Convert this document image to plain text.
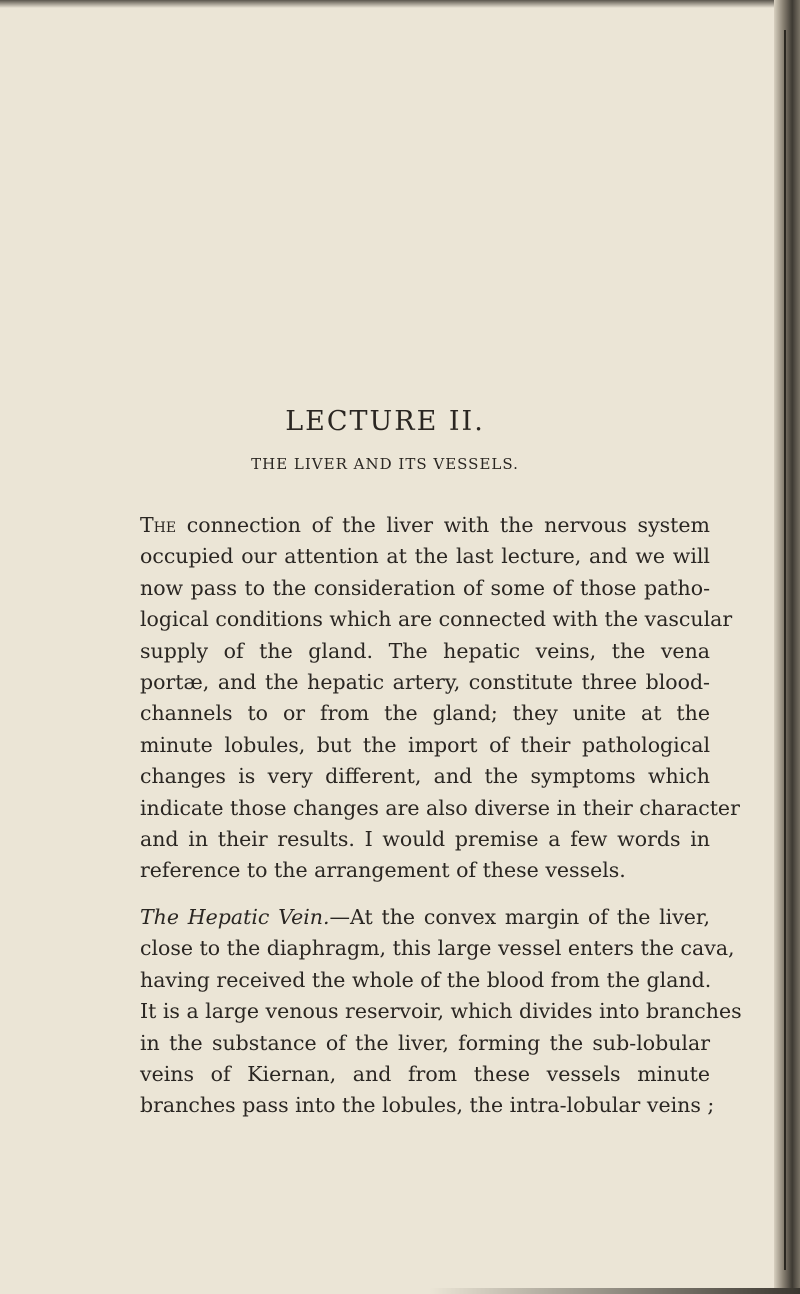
LECTURE II.
THE LIVER AND ITS VESSELS.
The connection of the liver with the nervous system
occupied our attention at the last lecture, and we will
now pass to the consideration of some of those patho-
logical conditions which are connected with the vascular
supply of the gland. The hepatic veins, the vena
portæ, and the hepatic artery, constitute three blood-
channels to or from the gland; they unite at the
minute lobules, but the import of their pathological
changes is very different, and the symptoms which
indicate those changes are also diverse in their character
and in their results. I would premise a few words in
reference to the arrangement of these vessels.
The Hepatic Vein.—At the convex margin of the liver,
close to the diaphragm, this large vessel enters the cava,
having received the whole of the blood from the gland.
It is a large venous reservoir, which divides into branches
in the substance of the liver, forming the sub-lobular
veins of Kiernan, and from these vessels minute
branches pass into the lobules, the intra-lobular veins ;
